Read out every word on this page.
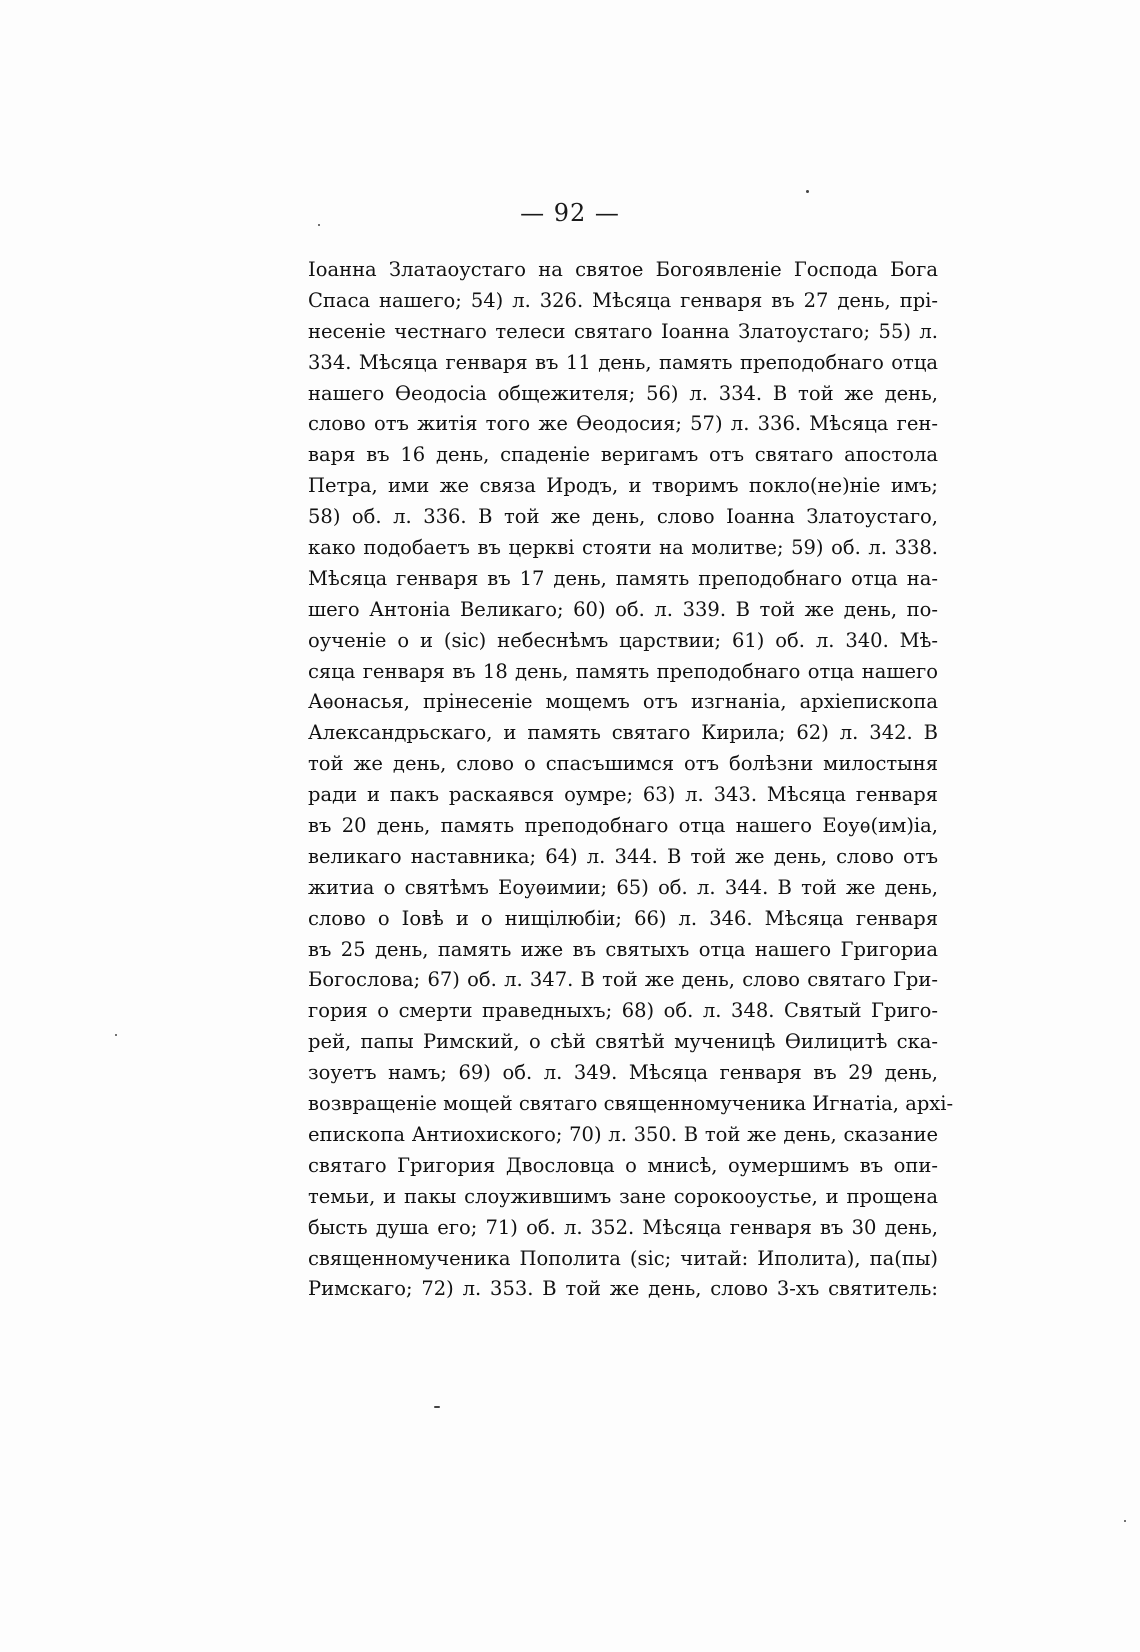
— 92 —
Іоанна Златаоустаго на святое Богоявленіе Господа Бога
Спаса нашего; 54) л. 326. Мѣсяца генваря въ 27 день, прі-
несеніе честнаго телеси святаго Іоанна Златоустаго; 55) л.
334. Мѣсяца генваря въ 11 день, память преподобнаго отца
нашего Ѳеодосіа общежителя; 56) л. 334. В той же день,
слово отъ житія того же Ѳеодосия; 57) л. 336. Мѣсяца ген-
варя въ 16 день, спаденіе веригамъ отъ святаго апостола
Петра, ими же связа Иродъ, и творимъ покло(не)ніе имъ;
58) об. л. 336. В той же день, слово Іоанна Златоустаго,
како подобаетъ въ церкві стояти на молитве; 59) об. л. 338.
Мѣсяца генваря въ 17 день, память преподобнаго отца на-
шего Антоніа Великаго; 60) об. л. 339. В той же день, по-
оученіе о и (sic) небеснѣмъ царствии; 61) об. л. 340. Мѣ-
сяца генваря въ 18 день, память преподобнаго отца нашего
Аѳонасья, прінесеніе мощемъ отъ изгнаніа, архіепископа
Александрьскаго, и память святаго Кирила; 62) л. 342. В
той же день, слово о спасъшимся отъ болѣзни милостыня
ради и пакъ раскаявся оумре; 63) л. 343. Мѣсяца генваря
въ 20 день, память преподобнаго отца нашего Еоуѳ(им)іа,
великаго наставника; 64) л. 344. В той же день, слово отъ
житиа о святѣмъ Еоуѳимии; 65) об. л. 344. В той же день,
слово о Іовѣ и о нищілюбіи; 66) л. 346. Мѣсяца генваря
въ 25 день, память иже въ святыхъ отца нашего Григориа
Богослова; 67) об. л. 347. В той же день, слово святаго Гри-
гория о смерти праведныхъ; 68) об. л. 348. Святый Григо-
рей, папы Римский, о сѣй святѣй мученицѣ Ѳилицитѣ ска-
зоуетъ намъ; 69) об. л. 349. Мѣсяца генваря въ 29 день,
возвращеніе мощей святаго священномученика Игнатіа, архі-
епископа Антиохиского; 70) л. 350. В той же день, сказание
святаго Григория Двословца о мнисѣ, оумершимъ въ опи-
темьи, и пакы слоужившимъ зане сорокооустье, и прощена
бысть душа его; 71) об. л. 352. Мѣсяца генваря въ 30 день,
священномученика Пополита (sic; читай: Иполита), па(пы)
Римскаго; 72) л. 353. В той же день, слово 3-хъ святитель:
